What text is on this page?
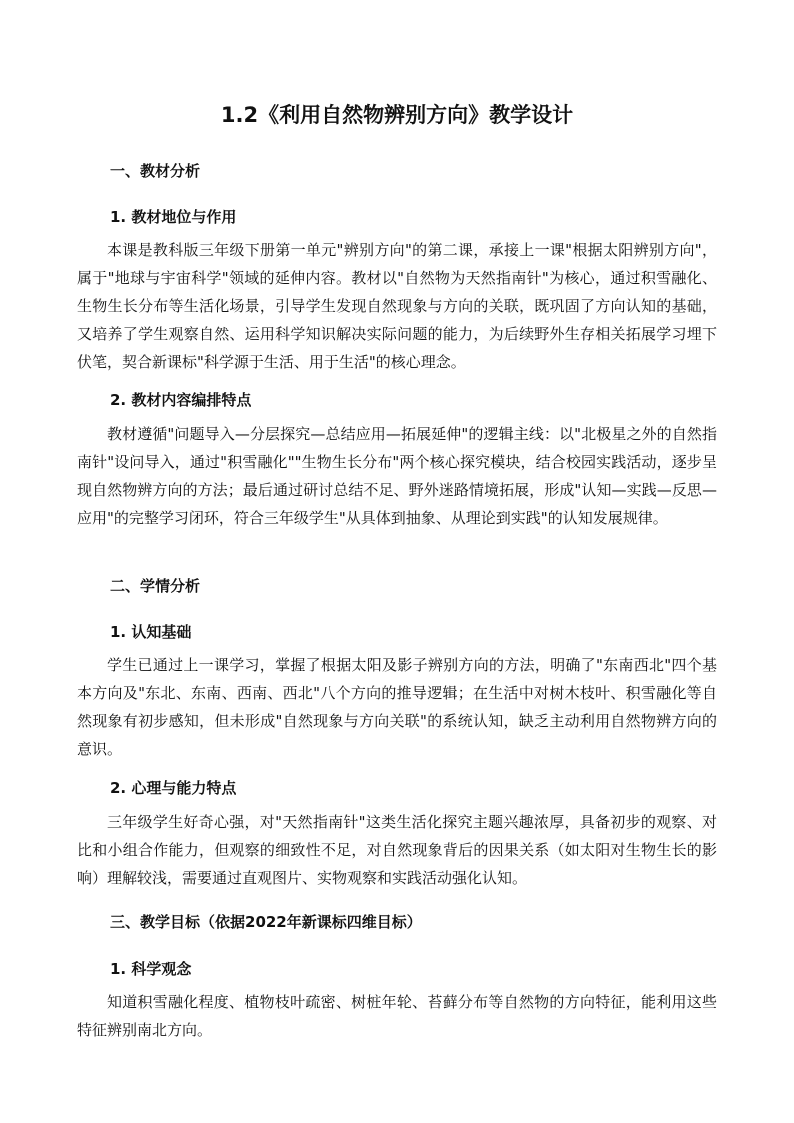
1.2《利用自然物辨别方向》教学设计
一、教材分析
1. 教材地位与作用

本课是教科版三年级下册第一单元"辨别方向"的第二课，承接上一课"根据太阳辨别方向"，属于"地球与宇宙科学"领域的延伸内容。教材以"自然物为天然指南针"为核心，通过积雪融化、生物生长分布等生活化场景，引导学生发现自然现象与方向的关联，既巩固了方向认知的基础，又培养了学生观察自然、运用科学知识解决实际问题的能力，为后续野外生存相关拓展学习埋下伏笔，契合新课标"科学源于生活、用于生活"的核心理念。

2. 教材内容编排特点

教材遵循"问题导入—分层探究—总结应用—拓展延伸"的逻辑主线：以"北极星之外的自然指南针"设问导入，通过"积雪融化""生物生长分布"两个核心探究模块，结合校园实践活动，逐步呈现自然物辨方向的方法；最后通过研讨总结不足、野外迷路情境拓展，形成"认知—实践—反思—应用"的完整学习闭环，符合三年级学生"从具体到抽象、从理论到实践"的认知发展规律。

二、学情分析
1. 认知基础

学生已通过上一课学习，掌握了根据太阳及影子辨别方向的方法，明确了"东南西北"四个基本方向及"东北、东南、西南、西北"八个方向的推导逻辑；在生活中对树木枝叶、积雪融化等自然现象有初步感知，但未形成"自然现象与方向关联"的系统认知，缺乏主动利用自然物辨方向的意识。

2. 心理与能力特点

三年级学生好奇心强，对"天然指南针"这类生活化探究主题兴趣浓厚，具备初步的观察、对比和小组合作能力，但观察的细致性不足，对自然现象背后的因果关系（如太阳对生物生长的影响）理解较浅，需要通过直观图片、实物观察和实践活动强化认知。

三、教学目标（依据2022年新课标四维目标）
1. 科学观念

知道积雪融化程度、植物枝叶疏密、树桩年轮、苔藓分布等自然物的方向特征，能利用这些特征辨别南北方向。
